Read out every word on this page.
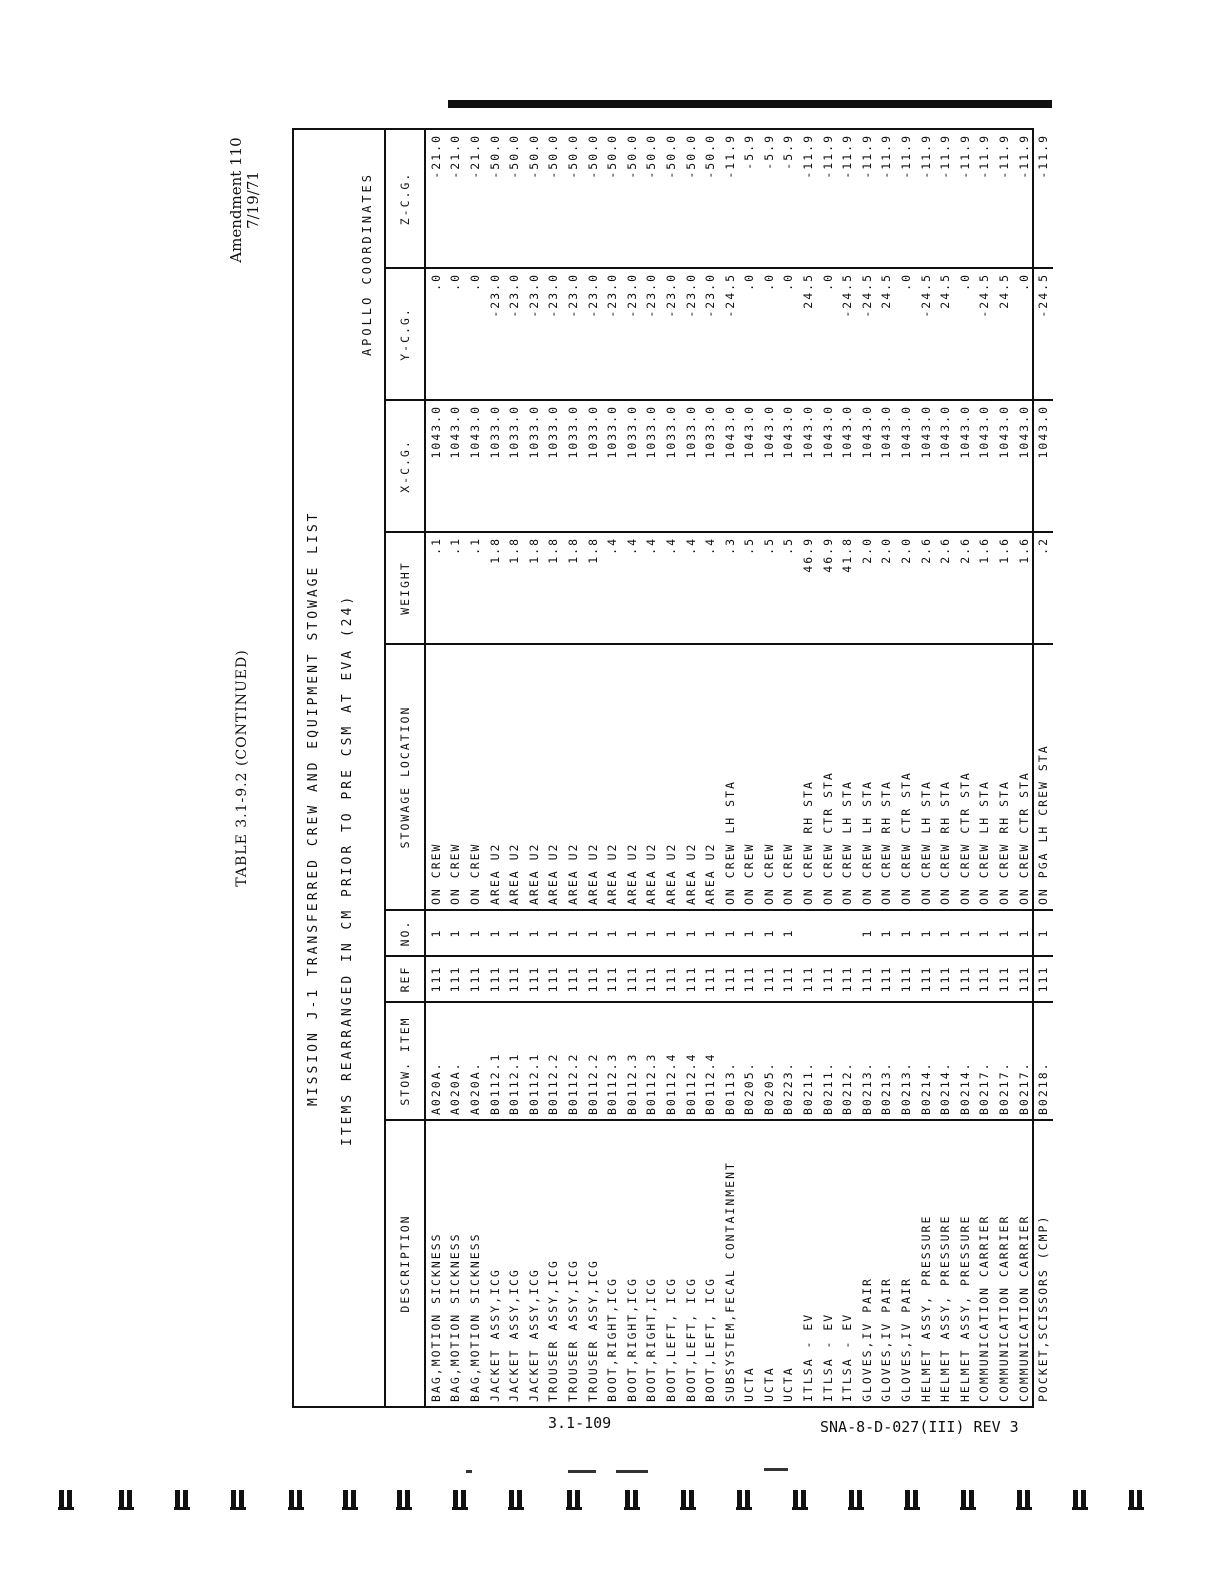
Amendment 110 7/19/71
TABLE 3.1-9.2 (CONTINUED)	MISSION J-1 TRANSFERRED CREW AND EQUIPMENT STOWAGE LIST ITEMS REARRANGED IN CM PRIOR TO PRE CSM AT EVA (24)
APOLLO COORDINATES
DESCRIPTION	STOW. ITEM	REF	NO.	STOWAGE LOCATION	WEIGHT	X-C.G.	Y-C.G.	Z-C.G.
BAG,MOTION SICKNESS	A020A.	111	1	ON CREW	.1	1043.0	.0	-21.0
BAG,MOTION SICKNESS	A020A.	111	1	ON CREW	.1	1043.0	.0	-21.0
BAG,MOTION SICKNESS	A020A.	111	1	ON CREW	.1	1043.0	.0	-21.0
JACKET ASSY,ICG	B0112.1	111	1	AREA U2	1.8	1033.0	-23.0	-50.0
JACKET ASSY,ICG	B0112.1	111	1	AREA U2	1.8	1033.0	-23.0	-50.0
JACKET ASSY,ICG	B0112.1	111	1	AREA U2	1.8	1033.0	-23.0	-50.0
TROUSER ASSY,ICG	B0112.2	111	1	AREA U2	1.8	1033.0	-23.0	-50.0
TROUSER ASSY,ICG	B0112.2	111	1	AREA U2	1.8	1033.0	-23.0	-50.0
TROUSER ASSY,ICG	B0112.2	111	1	AREA U2	1.8	1033.0	-23.0	-50.0
BOOT,RIGHT,ICG	B0112.3	111	1	AREA U2	.4	1033.0	-23.0	-50.0
BOOT,RIGHT,ICG	B0112.3	111	1	AREA U2	.4	1033.0	-23.0	-50.0
BOOT,RIGHT,ICG	B0112.3	111	1	AREA U2	.4	1033.0	-23.0	-50.0
BOOT,LEFT, ICG	B0112.4	111	1	AREA U2	.4	1033.0	-23.0	-50.0
BOOT,LEFT, ICG	B0112.4	111	1	AREA U2	.4	1033.0	-23.0	-50.0
BOOT,LEFT, ICG	B0112.4	111	1	AREA U2	.4	1033.0	-23.0	-50.0
SUBSYSTEM,FECAL CONTAINMENT	B0113.	111	1	ON CREW LH STA	.3	1043.0	-24.5	-11.9
UCTA	B0205.	111	1	ON CREW	.5	1043.0	.0	-5.9
UCTA	B0205.	111	1	ON CREW	.5	1043.0	.0	-5.9
UCTA	B0223.	111	1	ON CREW	.5	1043.0	.0	-5.9
ITLSA - EV	B0211.	111		ON CREW RH STA	46.9	1043.0	24.5	-11.9
ITLSA - EV	B0211.	111		ON CREW CTR STA	46.9	1043.0	.0	-11.9
ITLSA - EV	B0212.	111		ON CREW LH STA	41.8	1043.0	-24.5	-11.9
GLOVES,IV PAIR	B0213.	111	1	ON CREW LH STA	2.0	1043.0	-24.5	-11.9
GLOVES,IV PAIR	B0213.	111	1	ON CREW RH STA	2.0	1043.0	24.5	-11.9
GLOVES,IV PAIR	B0213.	111	1	ON CREW CTR STA	2.0	1043.0	.0	-11.9
HELMET ASSY, PRESSURE	B0214.	111	1	ON CREW LH STA	2.6	1043.0	-24.5	-11.9
HELMET ASSY, PRESSURE	B0214.	111	1	ON CREW RH STA	2.6	1043.0	24.5	-11.9
HELMET ASSY, PRESSURE	B0214.	111	1	ON CREW CTR STA	2.6	1043.0	.0	-11.9
COMMUNICATION CARRIER	B0217.	111	1	ON CREW LH STA	1.6	1043.0	-24.5	-11.9
COMMUNICATION CARRIER	B0217.	111	1	ON CREW RH STA	1.6	1043.0	24.5	-11.9
COMMUNICATION CARRIER	B0217.	111	1	ON CREW CTR STA	1.6	1043.0	.0	-11.9
POCKET,SCISSORS (CMP)	B0218.	111	1	ON PGA LH CREW STA	.2	1043.0	-24.5	-11.9
3.1-109	SNA-8-D-027(III) REV 3
